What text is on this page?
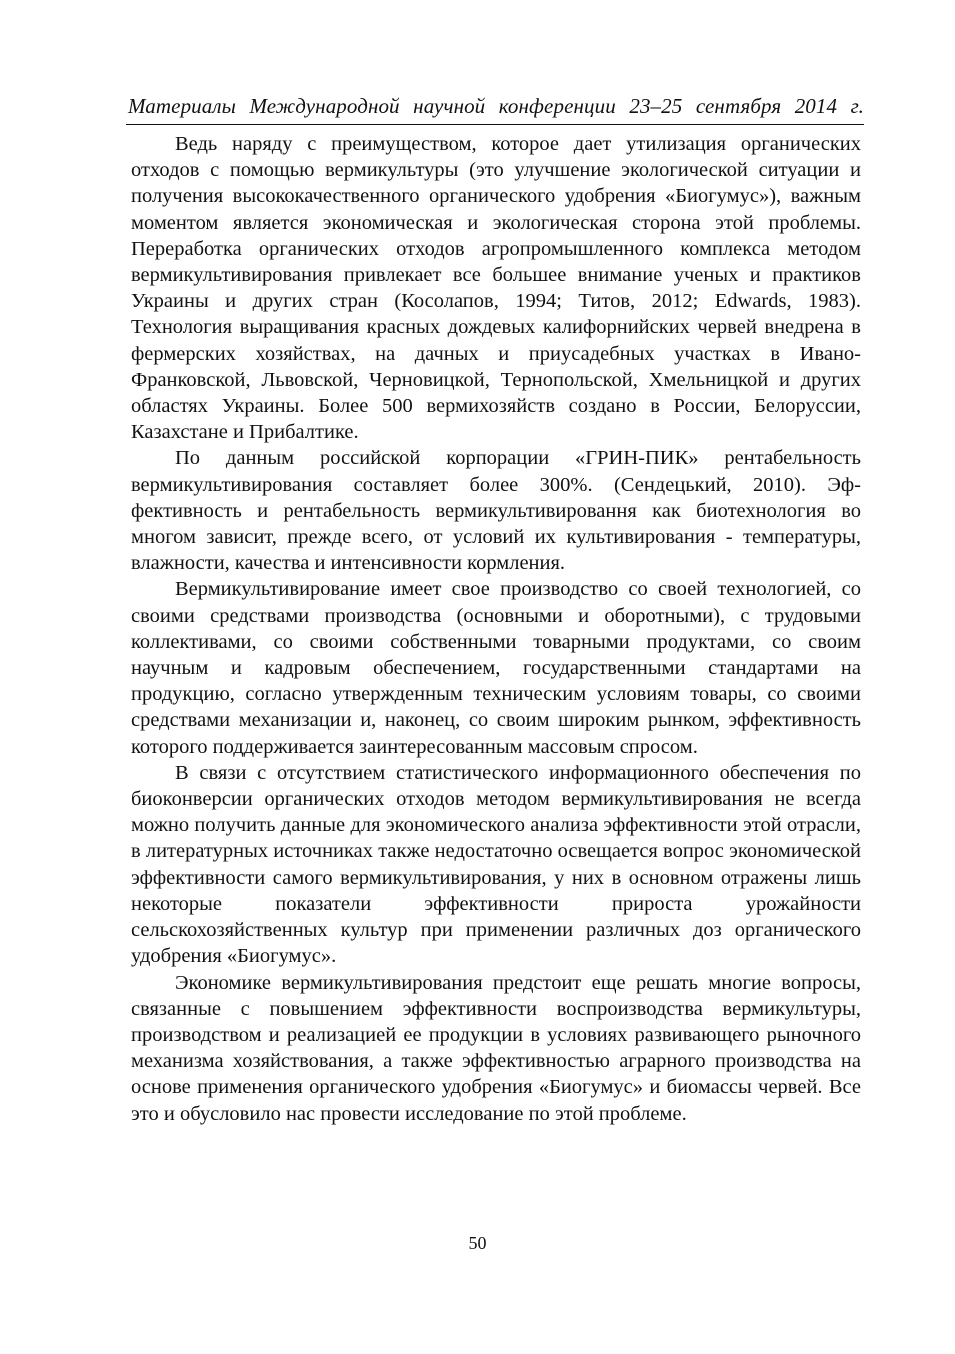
Материалы Международной научной конференции 23–25 сентября 2014 г.

Ведь наряду с преимуществом, которое дает утилизация органических отходов с помощью вермикультуры (это улучшение экологической ситуации и получения высококачественного органического удобрения «Биогумус»), важным моментом является экономическая и экологическая сторона этой проблемы. Переработка органических отходов агропромышленного комплекса методом вермикультивирования привлекает все большее внимание ученых и практиков Украины и других стран (Косолапов, 1994; Титов, 2012; Edwards, 1983). Технология выращивания красных дождевых калифорнийских червей внедрена в фермерских хозяйствах, на дачных и приусадебных участках в Ивано-Франковской, Львовской, Черновицкой, Тернопольской, Хмельницкой и других областях Украины. Более 500 вермихозяйств создано в России, Белоруссии, Казахстане и Прибалтике.

По данным российской корпорации «ГРИН-ПИК» рентабельность вермикультивирования составляет более 300%. (Сендецький, 2010). Эффективность и рентабельность вермикультивировання как биотехнология во многом зависит, прежде всего, от условий их культивирования - температуры, влажности, качества и интенсивности кормления.

Вермикультивирование имеет свое производство со своей технологией, со своими средствами производства (основными и оборотными), с трудовыми коллективами, со своими собственными товарными продуктами, со своим научным и кадровым обеспечением, государственными стандартами на продукцию, согласно утвержденным техническим условиям товары, со своими средствами механизации и, наконец, со своим широким рынком, эффективность которого поддерживается заинтересованным массовым спросом.

В связи с отсутствием статистического информационного обеспечения по биоконверсии органических отходов методом вермикультивирования не всегда можно получить данные для экономического анализа эффективности этой отрасли, в литературных источниках также недостаточно освещается вопрос экономической эффективности самого вермикультивирования, у них в основном отражены лишь некоторые показатели эффективности прироста урожайности сельскохозяйственных культур при применении различных доз органического удобрения «Биогумус».

Экономике вермикультивирования предстоит еще решать многие вопросы, связанные с повышением эффективности воспроизводства вермикультуры, производством и реализацией ее продукции в условиях развивающего рыночного механизма хозяйствования, а также эффективностью аграрного производства на основе применения органического удобрения «Биогумус» и биомассы червей. Все это и обусловило нас провести исследование по этой проблеме.

50
